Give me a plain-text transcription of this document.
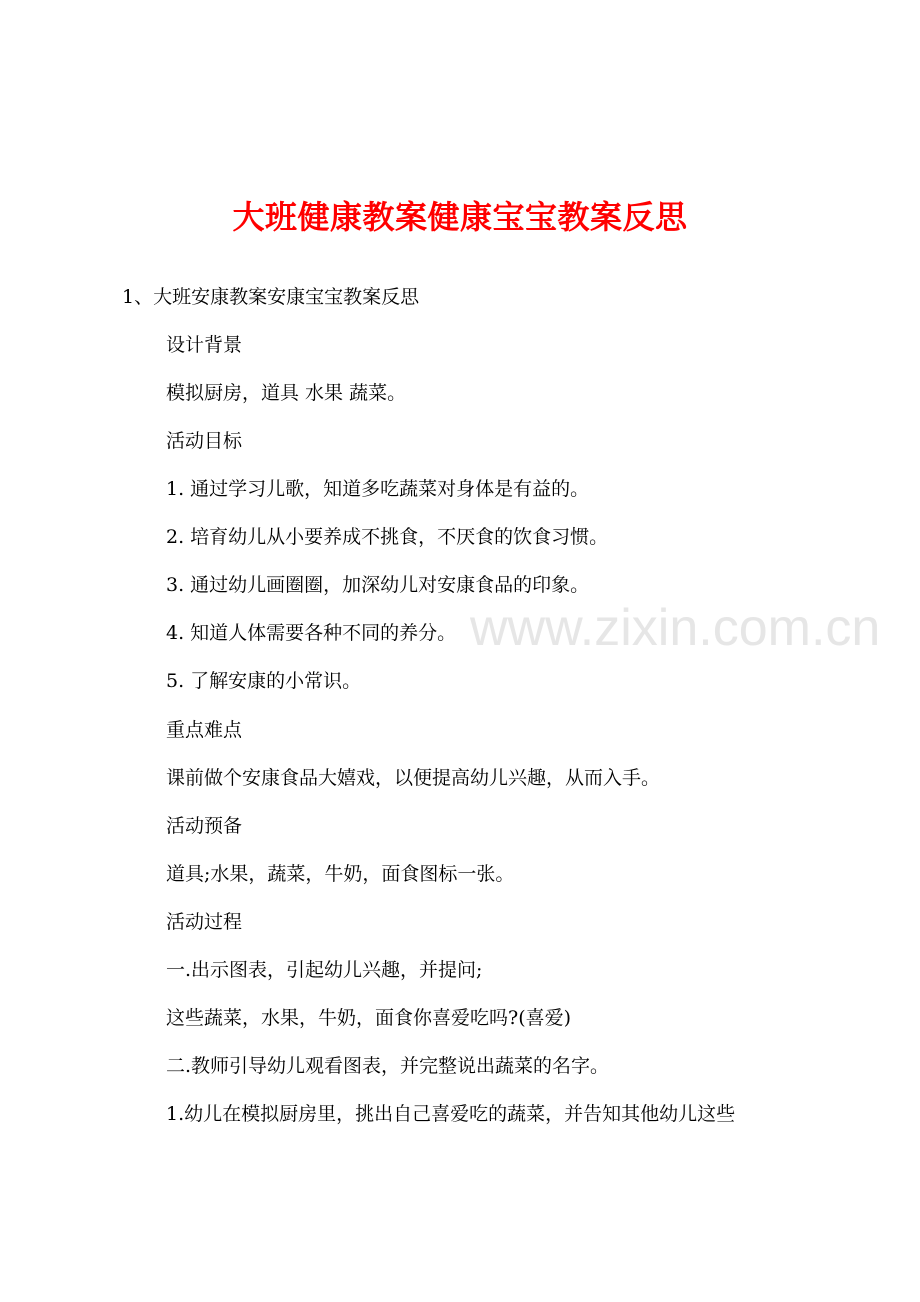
www.zixin.com.cn
大班健康教案健康宝宝教案反思
1、大班安康教案安康宝宝教案反思
设计背景
模拟厨房，道具 水果 蔬菜。
活动目标
1. 通过学习儿歌，知道多吃蔬菜对身体是有益的。
2. 培育幼儿从小要养成不挑食，不厌食的饮食习惯。
3. 通过幼儿画圈圈，加深幼儿对安康食品的印象。
4. 知道人体需要各种不同的养分。
5. 了解安康的小常识。
重点难点
课前做个安康食品大嬉戏，以便提高幼儿兴趣，从而入手。
活动预备
道具;水果，蔬菜，牛奶，面食图标一张。
活动过程
一.出示图表，引起幼儿兴趣，并提问;
这些蔬菜，水果，牛奶，面食你喜爱吃吗?(喜爱)
二.教师引导幼儿观看图表，并完整说出蔬菜的名字。
1.幼儿在模拟厨房里，挑出自己喜爱吃的蔬菜，并告知其他幼儿这些
